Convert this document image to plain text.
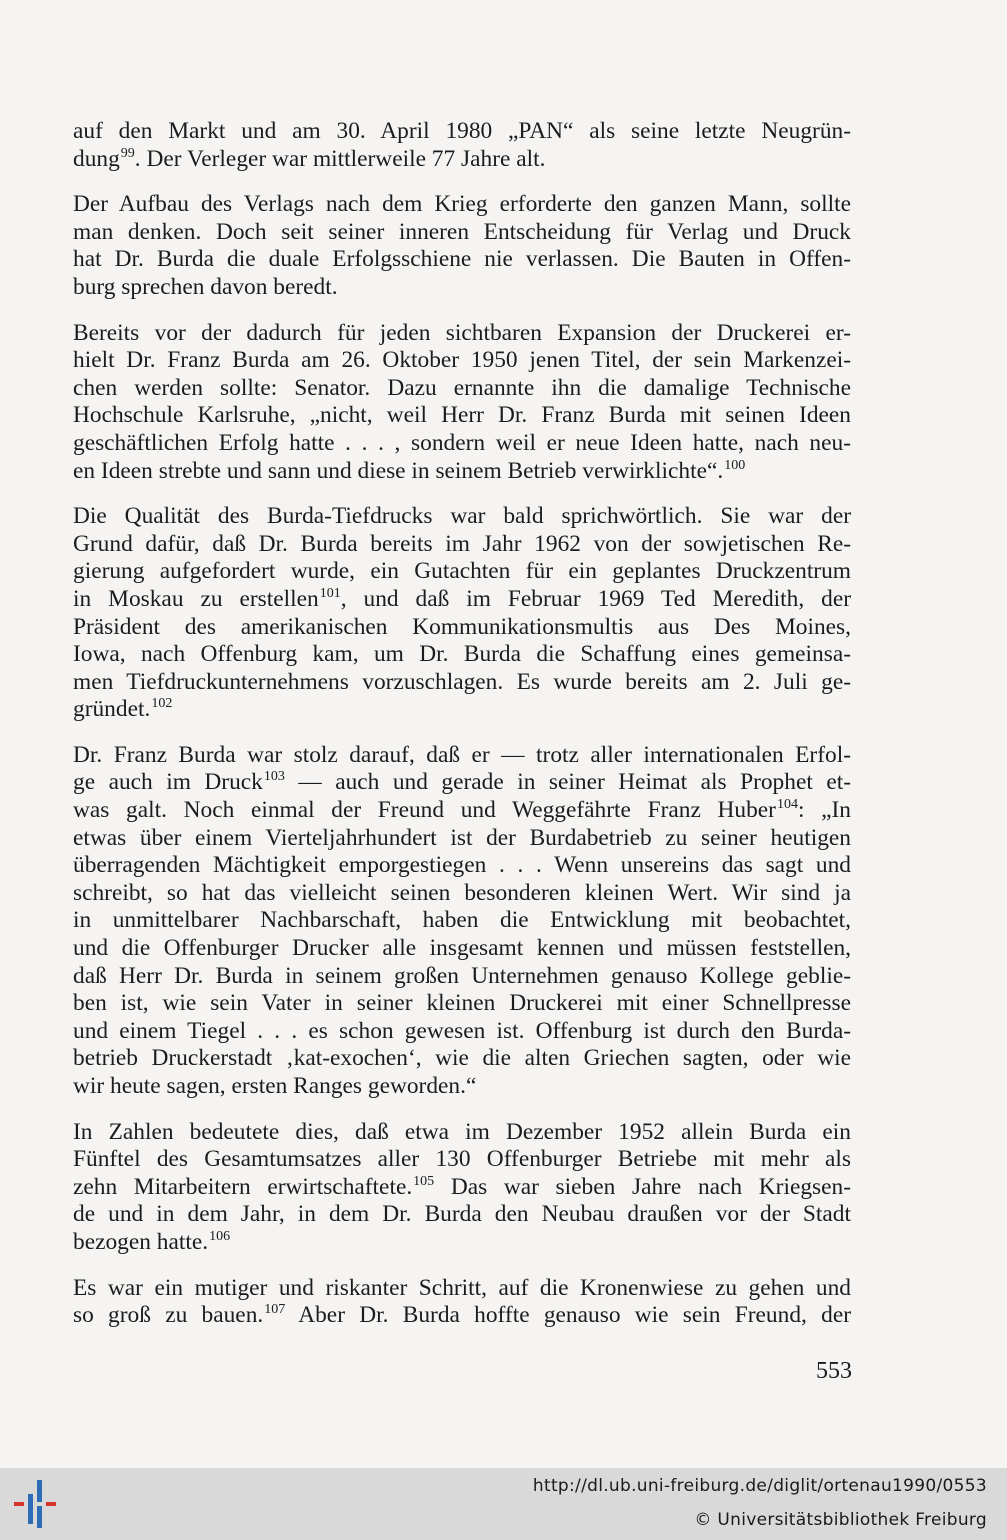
auf den Markt und am 30. April 1980 „PAN“ als seine letzte Neugrün-
dung$^{99}$. Der Verleger war mittlerweile 77 Jahre alt.
Der Aufbau des Verlags nach dem Krieg erforderte den ganzen Mann, sollte
man denken. Doch seit seiner inneren Entscheidung für Verlag und Druck
hat Dr. Burda die duale Erfolgsschiene nie verlassen. Die Bauten in Offen-
burg sprechen davon beredt.
Bereits vor der dadurch für jeden sichtbaren Expansion der Druckerei er-
hielt Dr. Franz Burda am 26. Oktober 1950 jenen Titel, der sein Markenzei-
chen werden sollte: Senator. Dazu ernannte ihn die damalige Technische
Hochschule Karlsruhe, „nicht, weil Herr Dr. Franz Burda mit seinen Ideen
geschäftlichen Erfolg hatte . . . , sondern weil er neue Ideen hatte, nach neu-
en Ideen strebte und sann und diese in seinem Betrieb verwirklichte“.$^{100}$
Die Qualität des Burda-Tiefdrucks war bald sprichwörtlich. Sie war der
Grund dafür, daß Dr. Burda bereits im Jahr 1962 von der sowjetischen Re-
gierung aufgefordert wurde, ein Gutachten für ein geplantes Druckzentrum
in Moskau zu erstellen$^{101}$, und daß im Februar 1969 Ted Meredith, der
Präsident des amerikanischen Kommunikationsmultis aus Des Moines,
Iowa, nach Offenburg kam, um Dr. Burda die Schaffung eines gemeinsa-
men Tiefdruckunternehmens vorzuschlagen. Es wurde bereits am 2. Juli ge-
gründet.$^{102}$
Dr. Franz Burda war stolz darauf, daß er — trotz aller internationalen Erfol-
ge auch im Druck$^{103}$ — auch und gerade in seiner Heimat als Prophet et-
was galt. Noch einmal der Freund und Weggefährte Franz Huber$^{104}$: „In
etwas über einem Vierteljahrhundert ist der Burdabetrieb zu seiner heutigen
überragenden Mächtigkeit emporgestiegen . . . Wenn unsereins das sagt und
schreibt, so hat das vielleicht seinen besonderen kleinen Wert. Wir sind ja
in unmittelbarer Nachbarschaft, haben die Entwicklung mit beobachtet,
und die Offenburger Drucker alle insgesamt kennen und müssen feststellen,
daß Herr Dr. Burda in seinem großen Unternehmen genauso Kollege geblie-
ben ist, wie sein Vater in seiner kleinen Druckerei mit einer Schnellpresse
und einem Tiegel . . . es schon gewesen ist. Offenburg ist durch den Burda-
betrieb Druckerstadt ‚kat-exochen‘, wie die alten Griechen sagten, oder wie
wir heute sagen, ersten Ranges geworden.“
In Zahlen bedeutete dies, daß etwa im Dezember 1952 allein Burda ein
Fünftel des Gesamtumsatzes aller 130 Offenburger Betriebe mit mehr als
zehn Mitarbeitern erwirtschaftete.$^{105}$ Das war sieben Jahre nach Kriegsen-
de und in dem Jahr, in dem Dr. Burda den Neubau draußen vor der Stadt
bezogen hatte.$^{106}$
Es war ein mutiger und riskanter Schritt, auf die Kronenwiese zu gehen und
so groß zu bauen.$^{107}$ Aber Dr. Burda hoffte genauso wie sein Freund, der
553
http://dl.ub.uni-freiburg.de/diglit/ortenau1990/0553
© Universitätsbibliothek Freiburg
